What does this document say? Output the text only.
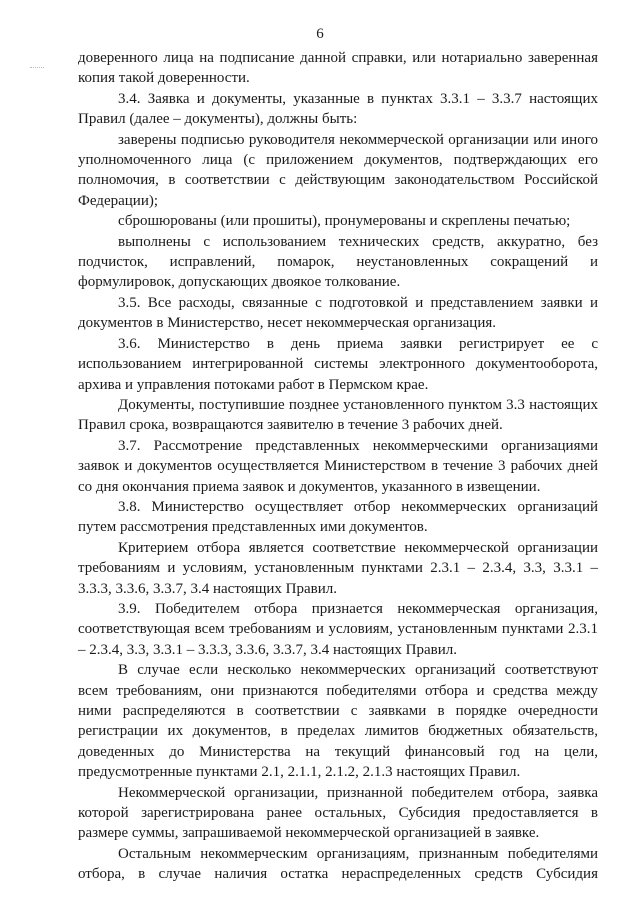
6

доверенного лица на подписание данной справки, или нотариально заверенная копия такой доверенности.

3.4. Заявка и документы, указанные в пунктах 3.3.1 – 3.3.7 настоящих Правил (далее – документы), должны быть:

заверены подписью руководителя некоммерческой организации или иного уполномоченного лица (с приложением документов, подтверждающих его полномочия, в соответствии с действующим законодательством Российской Федерации);

сброшюрованы (или прошиты), пронумерованы и скреплены печатью;

выполнены с использованием технических средств, аккуратно, без подчисток, исправлений, помарок, неустановленных сокращений и формулировок, допускающих двоякое толкование.

3.5. Все расходы, связанные с подготовкой и представлением заявки и документов в Министерство, несет некоммерческая организация.

3.6. Министерство в день приема заявки регистрирует ее с использованием интегрированной системы электронного документооборота, архива и управления потоками работ в Пермском крае.

Документы, поступившие позднее установленного пунктом 3.3 настоящих Правил срока, возвращаются заявителю в течение 3 рабочих дней.

3.7. Рассмотрение представленных некоммерческими организациями заявок и документов осуществляется Министерством в течение 3 рабочих дней со дня окончания приема заявок и документов, указанного в извещении.

3.8. Министерство осуществляет отбор некоммерческих организаций путем рассмотрения представленных ими документов.

Критерием отбора является соответствие некоммерческой организации требованиям и условиям, установленным пунктами 2.3.1 – 2.3.4, 3.3, 3.3.1 – 3.3.3, 3.3.6, 3.3.7, 3.4 настоящих Правил.

3.9. Победителем отбора признается некоммерческая организация, соответствующая всем требованиям и условиям, установленным пунктами 2.3.1 – 2.3.4, 3.3, 3.3.1 – 3.3.3, 3.3.6, 3.3.7, 3.4 настоящих Правил.

В случае если несколько некоммерческих организаций соответствуют всем требованиям, они признаются победителями отбора и средства между ними распределяются в соответствии с заявками в порядке очередности регистрации их документов, в пределах лимитов бюджетных обязательств, доведенных до Министерства на текущий финансовый год на цели, предусмотренные пунктами 2.1, 2.1.1, 2.1.2, 2.1.3 настоящих Правил.

Некоммерческой организации, признанной победителем отбора, заявка которой зарегистрирована ранее остальных, Субсидия предоставляется в размере суммы, запрашиваемой некоммерческой организацией в заявке.

Остальным некоммерческим организациям, признанным победителями отбора, в случае наличия остатка нераспределенных средств Субсидия
